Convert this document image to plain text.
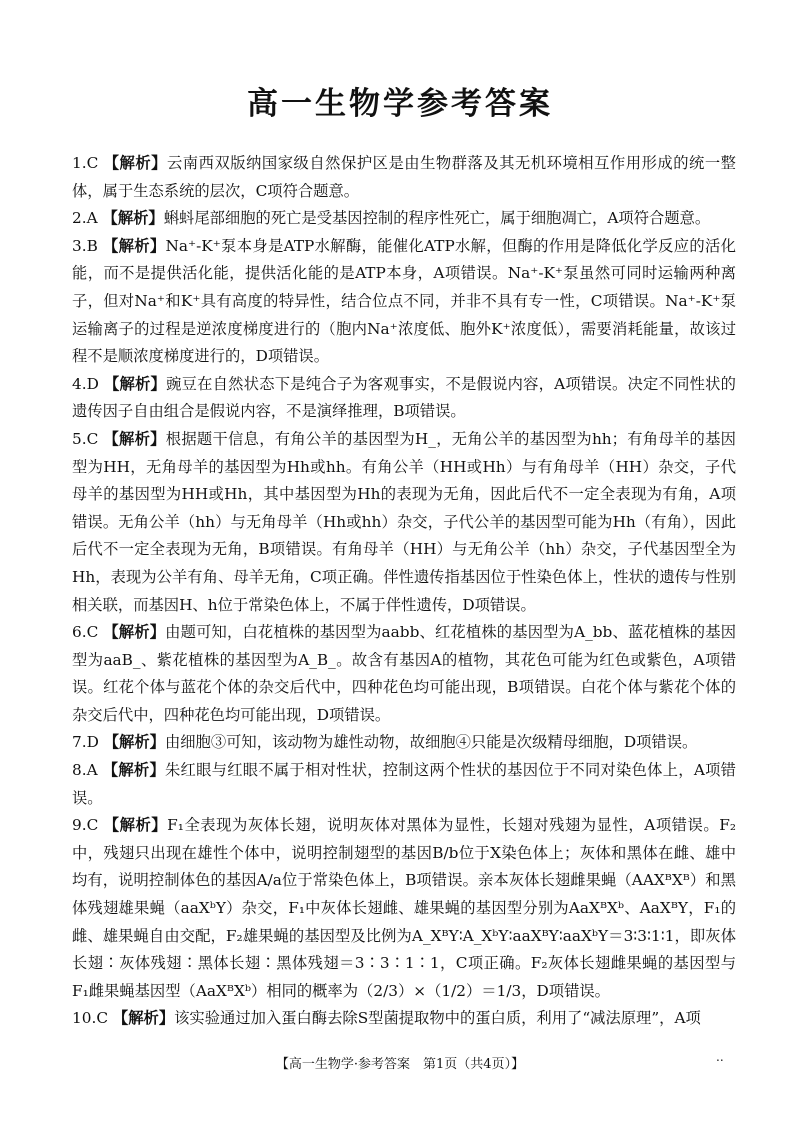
高一生物学参考答案
1.C 【解析】云南西双版纳国家级自然保护区是由生物群落及其无机环境相互作用形成的统一整体，属于生态系统的层次，C项符合题意。
2.A 【解析】蝌蚪尾部细胞的死亡是受基因控制的程序性死亡，属于细胞凋亡，A项符合题意。
3.B 【解析】Na⁺-K⁺泵本身是ATP水解酶，能催化ATP水解，但酶的作用是降低化学反应的活化能，而不是提供活化能，提供活化能的是ATP本身，A项错误。Na⁺-K⁺泵虽然可同时运输两种离子，但对Na⁺和K⁺具有高度的特异性，结合位点不同，并非不具有专一性，C项错误。Na⁺-K⁺泵运输离子的过程是逆浓度梯度进行的（胞内Na⁺浓度低、胞外K⁺浓度低），需要消耗能量，故该过程不是顺浓度梯度进行的，D项错误。
4.D 【解析】豌豆在自然状态下是纯合子为客观事实，不是假说内容，A项错误。决定不同性状的遗传因子自由组合是假说内容，不是演绎推理，B项错误。
5.C 【解析】根据题干信息，有角公羊的基因型为H_，无角公羊的基因型为hh；有角母羊的基因型为HH，无角母羊的基因型为Hh或hh。有角公羊（HH或Hh）与有角母羊（HH）杂交，子代母羊的基因型为HH或Hh，其中基因型为Hh的表现为无角，因此后代不一定全表现为有角，A项错误。无角公羊（hh）与无角母羊（Hh或hh）杂交，子代公羊的基因型可能为Hh（有角），因此后代不一定全表现为无角，B项错误。有角母羊（HH）与无角公羊（hh）杂交，子代基因型全为Hh，表现为公羊有角、母羊无角，C项正确。伴性遗传指基因位于性染色体上，性状的遗传与性别相关联，而基因H、h位于常染色体上，不属于伴性遗传，D项错误。
6.C 【解析】由题可知，白花植株的基因型为aabb、红花植株的基因型为A_bb、蓝花植株的基因型为aaB_、紫花植株的基因型为A_B_。故含有基因A的植物，其花色可能为红色或紫色，A项错误。红花个体与蓝花个体的杂交后代中，四种花色均可能出现，B项错误。白花个体与紫花个体的杂交后代中，四种花色均可能出现，D项错误。
7.D 【解析】由细胞③可知，该动物为雄性动物，故细胞④只能是次级精母细胞，D项错误。
8.A 【解析】朱红眼与红眼不属于相对性状，控制这两个性状的基因位于不同对染色体上，A项错误。
9.C 【解析】F₁全表现为灰体长翅，说明灰体对黑体为显性，长翅对残翅为显性，A项错误。F₂中，残翅只出现在雄性个体中，说明控制翅型的基因B/b位于X染色体上；灰体和黑体在雌、雄中均有，说明控制体色的基因A/a位于常染色体上，B项错误。亲本灰体长翅雌果蝇（AAXᴮXᴮ）和黑体残翅雄果蝇（aaXᵇY）杂交，F₁中灰体长翅雌、雄果蝇的基因型分别为AaXᴮXᵇ、AaXᴮY，F₁的雌、雄果蝇自由交配，F₂雄果蝇的基因型及比例为A_XᴮY∶A_XᵇY∶aaXᴮY∶aaXᵇY＝3∶3∶1∶1，即灰体长翅∶灰体残翅∶黑体长翅∶黑体残翅＝3∶3∶1∶1，C项正确。F₂灰体长翅雌果蝇的基因型与F₁雌果蝇基因型（AaXᴮXᵇ）相同的概率为（2/3）×（1/2）＝1/3，D项错误。
10.C 【解析】该实验通过加入蛋白酶去除S型菌提取物中的蛋白质，利用了“减法原理”，A项
【高一生物学·参考答案　第1页（共4页）】	..
